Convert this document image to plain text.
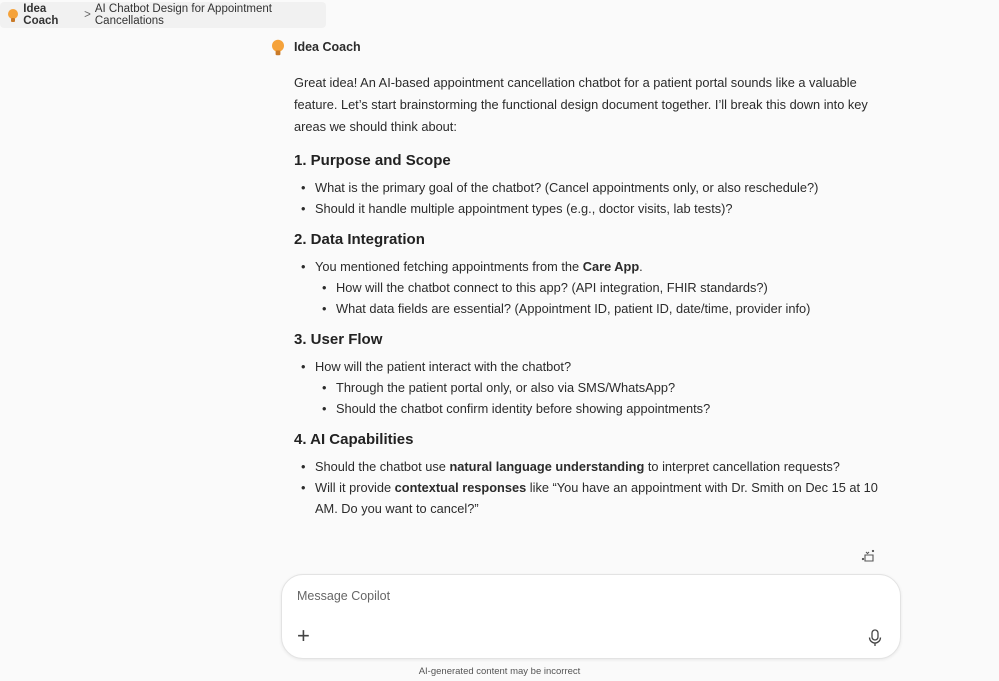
Idea Coach	> AI Chatbot Design for Appointment Cancellations
Idea Coach

Great idea! An AI-based appointment cancellation chatbot for a patient portal sounds like a valuable feature. Let’s start brainstorming the functional design document together. I’ll break this down into key areas we should think about:

1. Purpose and Scope
• What is the primary goal of the chatbot? (Cancel appointments only, or also reschedule?)
• Should it handle multiple appointment types (e.g., doctor visits, lab tests)?
2. Data Integration
• You mentioned fetching appointments from the Care App.
• How will the chatbot connect to this app? (API integration, FHIR standards?)
• What data fields are essential? (Appointment ID, patient ID, date/time, provider info)
3. User Flow
• How will the patient interact with the chatbot?
• Through the patient portal only, or also via SMS/WhatsApp?
• Should the chatbot confirm identity before showing appointments?
4. AI Capabilities
• Should the chatbot use natural language understanding to interpret cancellation requests?
• Will it provide contextual responses like “You have an appointment with Dr. Smith on Dec 15 at 10 AM. Do you want to cancel?”
Message Copilot
+
AI-generated content may be incorrect
